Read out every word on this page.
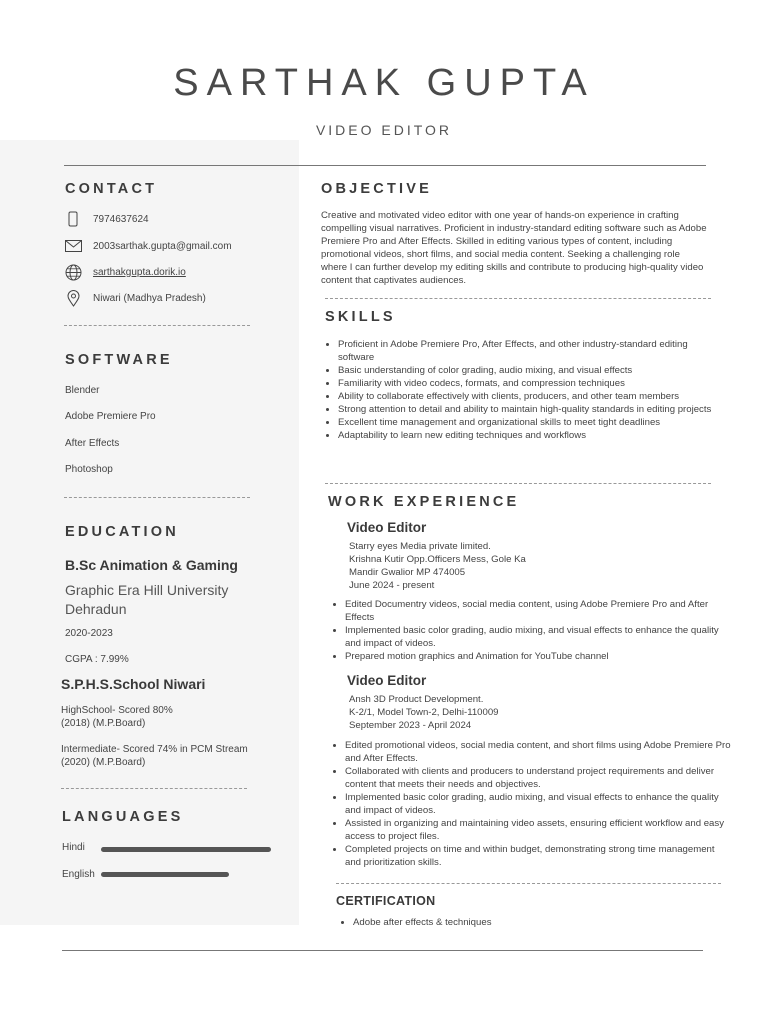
SARTHAK GUPTA
VIDEO EDITOR
CONTACT
7974637624
2003sarthak.gupta@gmail.com
sarthakgupta.dorik.io
Niwari (Madhya Pradesh)
SOFTWARE
Blender
Adobe Premiere Pro
After Effects
Photoshop
EDUCATION
B.Sc Animation & Gaming
Graphic Era Hill University Dehradun
2020-2023
CGPA : 7.99%
S.P.H.S.School Niwari
HighSchool- Scored 80%
(2018) (M.P.Board)
Intermediate- Scored 74% in PCM Stream
(2020) (M.P.Board)
LANGUAGES
Hindi
English
OBJECTIVE
Creative and motivated video editor with one year of hands-on experience in crafting compelling visual narratives. Proficient in industry-standard editing software such as Adobe Premiere Pro and After Effects. Skilled in editing various types of content, including promotional videos, short films, and social media content. Seeking a challenging role where I can further develop my editing skills and contribute to producing high-quality video content that captivates audiences.
SKILLS
• Proficient in Adobe Premiere Pro, After Effects, and other industry-standard editing software
• Basic understanding of color grading, audio mixing, and visual effects
• Familiarity with video codecs, formats, and compression techniques
• Ability to collaborate effectively with clients, producers, and other team members
• Strong attention to detail and ability to maintain high-quality standards in editing projects
• Excellent time management and organizational skills to meet tight deadlines
• Adaptability to learn new editing techniques and workflows
WORK EXPERIENCE
Video Editor
Starry eyes Media private limited.
Krishna Kutir Opp.Officers Mess, Gole Ka
Mandir Gwalior MP 474005
June 2024 - present
• Edited Documentry videos, social media content, using Adobe Premiere Pro and After Effects
• Implemented basic color grading, audio mixing, and visual effects to enhance the quality and impact of videos.
• Prepared motion graphics and Animation for YouTube channel
Video Editor
Ansh 3D Product Development.
K-2/1, Model Town-2, Delhi-110009
September 2023 - April 2024
• Edited promotional videos, social media content, and short films using Adobe Premiere Pro and After Effects.
• Collaborated with clients and producers to understand project requirements and deliver content that meets their needs and objectives.
• Implemented basic color grading, audio mixing, and visual effects to enhance the quality and impact of videos.
• Assisted in organizing and maintaining video assets, ensuring efficient workflow and easy access to project files.
• Completed projects on time and within budget, demonstrating strong time management and prioritization skills.
CERTIFICATION
• Adobe after effects & techniques
